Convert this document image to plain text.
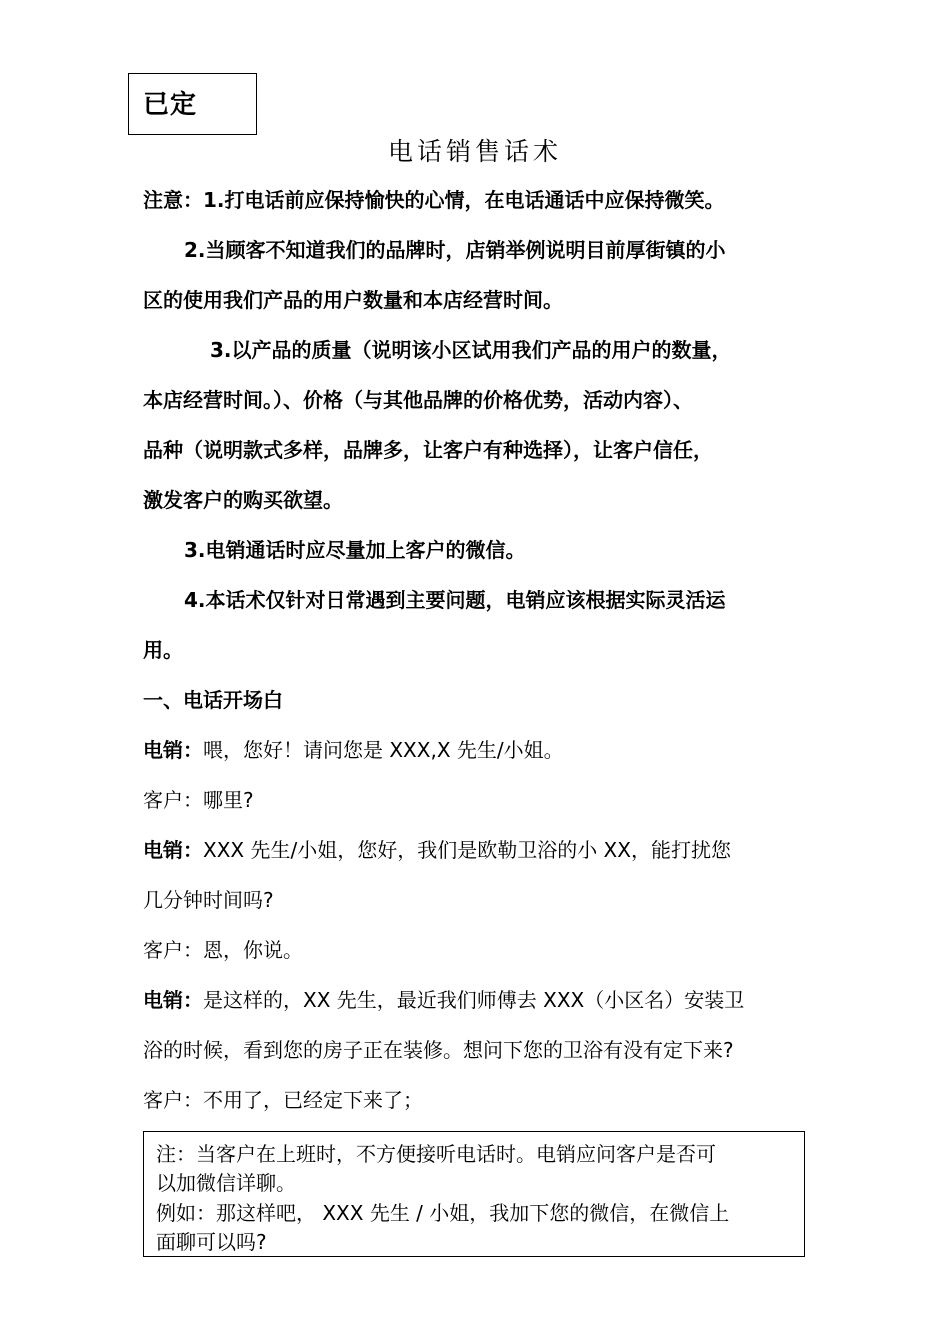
已定
电话销售话术
注意：1.打电话前应保持愉快的心情，在电话通话中应保持微笑。
2.当顾客不知道我们的品牌时，店销举例说明目前厚街镇的小
区的使用我们产品的用户数量和本店经营时间。
3.以产品的质量（说明该小区试用我们产品的用户的数量，
本店经营时间。）、价格（与其他品牌的价格优势，活动内容）、
品种（说明款式多样，品牌多，让客户有种选择），让客户信任，
激发客户的购买欲望。
3.电销通话时应尽量加上客户的微信。
4.本话术仅针对日常遇到主要问题，电销应该根据实际灵活运
用。
一、电话开场白
电销：喂，您好！请问您是 XXX,X 先生/小姐。
客户：哪里?
电销：XXX 先生/小姐，您好，我们是欧勒卫浴的小 XX，能打扰您
几分钟时间吗?
客户：恩，你说。
电销：是这样的，XX 先生，最近我们师傅去 XXX（小区名）安装卫
浴的时候，看到您的房子正在装修。想问下您的卫浴有没有定下来?
客户：不用了，已经定下来了；
注：当客户在上班时，不方便接听电话时。电销应问客户是否可
以加微信详聊。
例如：那这样吧， XXX 先生 / 小姐，我加下您的微信，在微信上
面聊可以吗?
